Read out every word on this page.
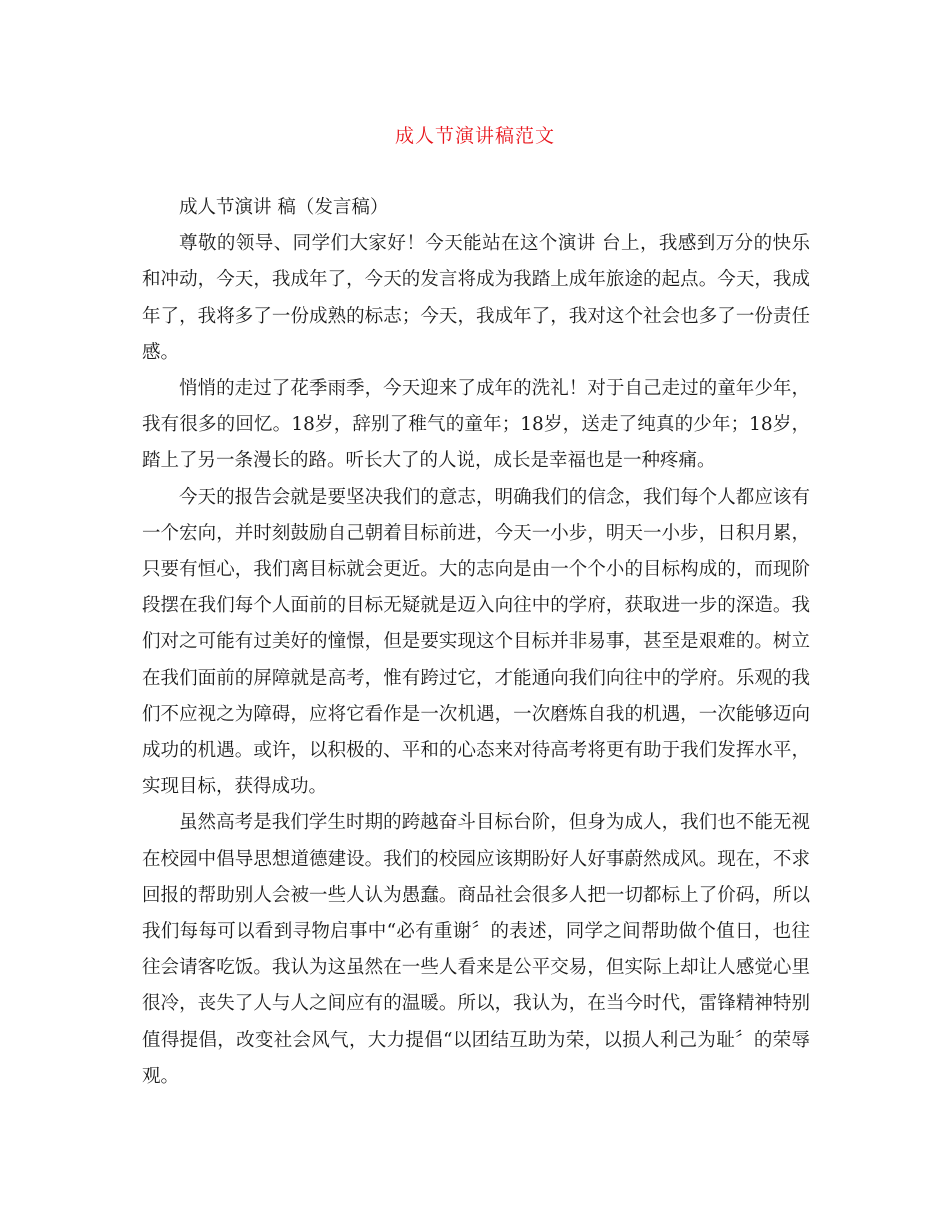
成人节演讲稿范文

成人节演讲 稿（发言稿）

尊敬的领导、同学们大家好！今天能站在这个演讲 台上，我感到万分的快乐和冲动，今天，我成年了，今天的发言将成为我踏上成年旅途的起点。今天，我成年了，我将多了一份成熟的标志；今天，我成年了，我对这个社会也多了一份责任感。

悄悄的走过了花季雨季，今天迎来了成年的洗礼！对于自己走过的童年少年，我有很多的回忆。18岁，辞别了稚气的童年；18岁，送走了纯真的少年；18岁，踏上了另一条漫长的路。听长大了的人说，成长是幸福也是一种疼痛。

今天的报告会就是要坚决我们的意志，明确我们的信念，我们每个人都应该有一个宏向，并时刻鼓励自己朝着目标前进，今天一小步，明天一小步，日积月累，只要有恒心，我们离目标就会更近。大的志向是由一个个小的目标构成的，而现阶段摆在我们每个人面前的目标无疑就是迈入向往中的学府，获取进一步的深造。我们对之可能有过美好的憧憬，但是要实现这个目标并非易事，甚至是艰难的。树立在我们面前的屏障就是高考，惟有跨过它，才能通向我们向往中的学府。乐观的我们不应视之为障碍，应将它看作是一次机遇，一次磨炼自我的机遇，一次能够迈向成功的机遇。或许，以积极的、平和的心态来对待高考将更有助于我们发挥水平，实现目标，获得成功。

虽然高考是我们学生时期的跨越奋斗目标台阶，但身为成人，我们也不能无视在校园中倡导思想道德建设。我们的校园应该期盼好人好事蔚然成风。现在，不求回报的帮助别人会被一些人认为愚蠢。商品社会很多人把一切都标上了价码，所以我们每每可以看到寻物启事中“必有重谢〞的表述，同学之间帮助做个值日，也往往会请客吃饭。我认为这虽然在一些人看来是公平交易，但实际上却让人感觉心里很冷，丧失了人与人之间应有的温暖。所以，我认为，在当今时代，雷锋精神特别值得提倡，改变社会风气，大力提倡“以团结互助为荣，以损人利己为耻〞的荣辱观。
